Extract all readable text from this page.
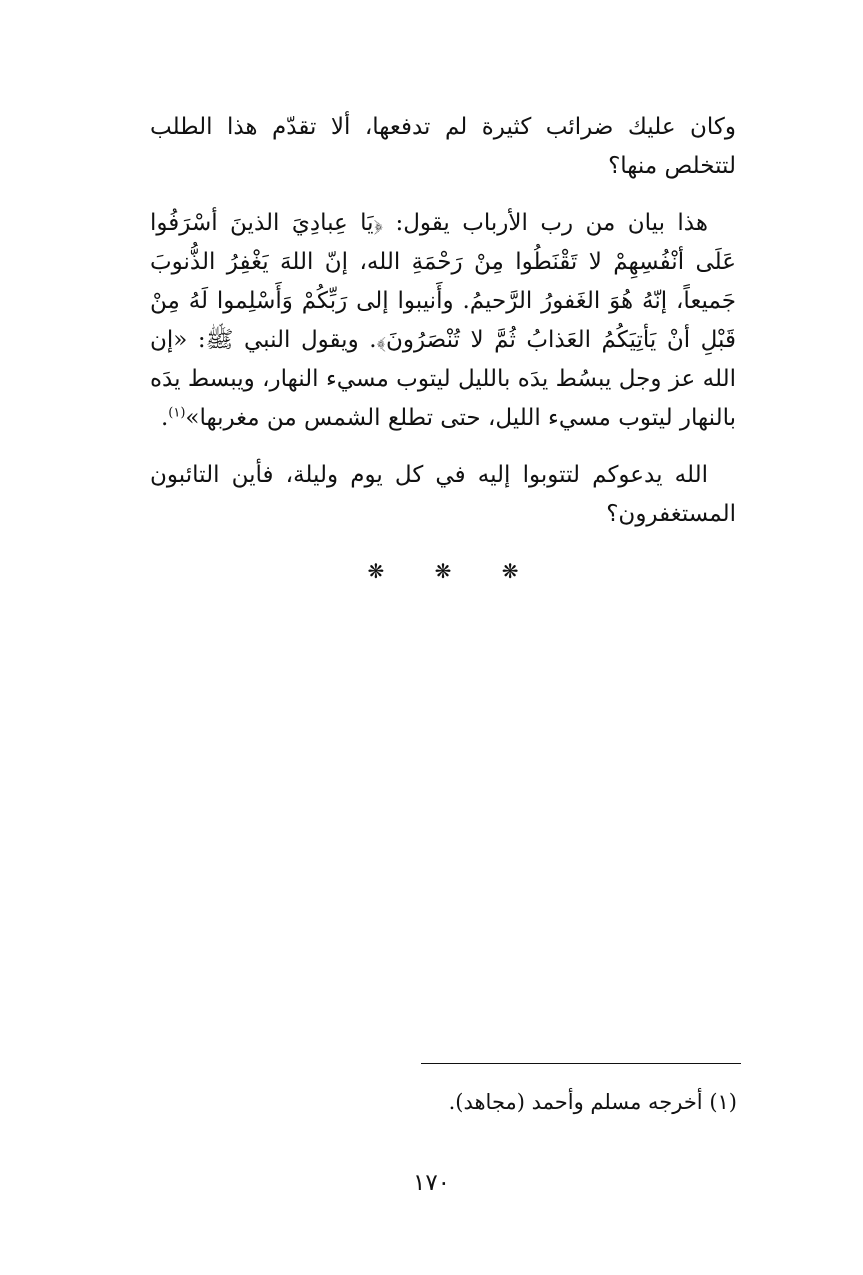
وكان عليك ضرائب كثيرة لم تدفعها، ألا تقدّم هذا الطلب لتتخلص منها؟

هذا بيان من رب الأرباب يقول: ﴿يَا عِبادِيَ الذينَ أسْرَفُوا عَلَى أنْفُسِهِمْ لا تَقْنَطُوا مِنْ رَحْمَةِ الله، إنّ اللهَ يَغْفِرُ الذُّنوبَ جَميعاً، إنّهُ هُوَ الغَفورُ الرَّحيمُ. وأَنيبوا إلى رَبِّكُمْ وَأَسْلِموا لَهُ مِنْ قَبْلِ أنْ يَأتِيَكُمُ العَذابُ ثُمَّ لا تُنْصَرُونَ﴾. ويقول النبي ﷺ: «إن الله عز وجل يبسُط يدَه بالليل ليتوب مسيء النهار، ويبسط يدَه بالنهار ليتوب مسيء الليل، حتى تطلع الشمس من مغربها»$^{(١)}$.

الله يدعوكم لتتوبوا إليه في كل يوم وليلة، فأين التائبون المستغفرون؟

❋ ❋ ❋
(١) أخرجه مسلم وأحمد (مجاهد).
١٧٠
